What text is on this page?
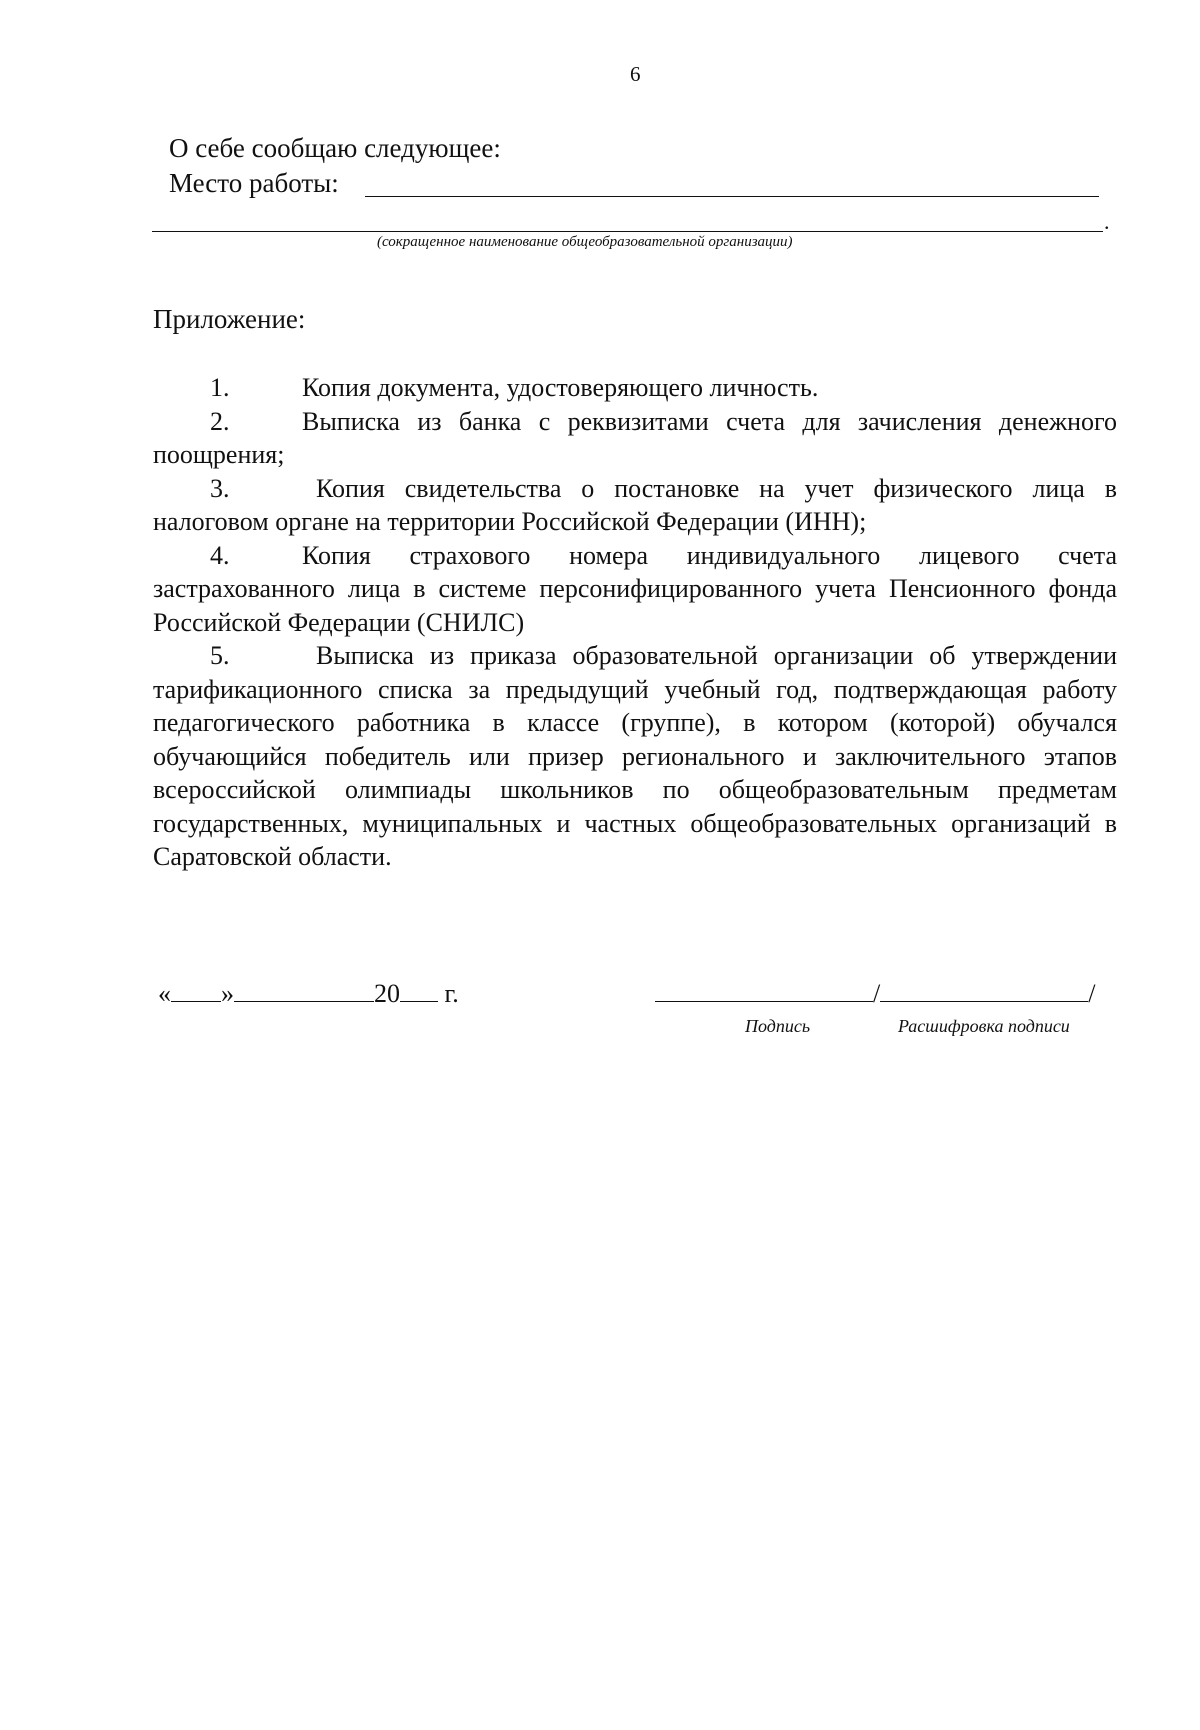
6
О себе сообщаю следующее:
Место работы:
.
(сокращенное наименование общеобразовательной организации)
Приложение:

1.	Копия документа, удостоверяющего личность.

2.	Выписка из банка с реквизитами счета для зачисления денежного поощрения;

3.	Копия свидетельства о постановке на учет физического лица в налоговом органе на территории Российской Федерации (ИНН);

4.	Копия страхового номера индивидуального лицевого счета застрахованного лица в системе персонифицированного учета Пенсионного фонда Российской Федерации (СНИЛС)

5.	Выписка из приказа образовательной организации об утверждении тарификационного списка за предыдущий учебный год, подтверждающая работу педагогического работника в классе (группе), в котором (которой) обучался обучающийся победитель или призер регионального и заключительного этапов всероссийской олимпиады школьников по общеобразовательным предметам государственных, муниципальных и частных общеобразовательных организаций в Саратовской области.

« »	20 г.	/	/
Подпись	Расшифровка подписи
